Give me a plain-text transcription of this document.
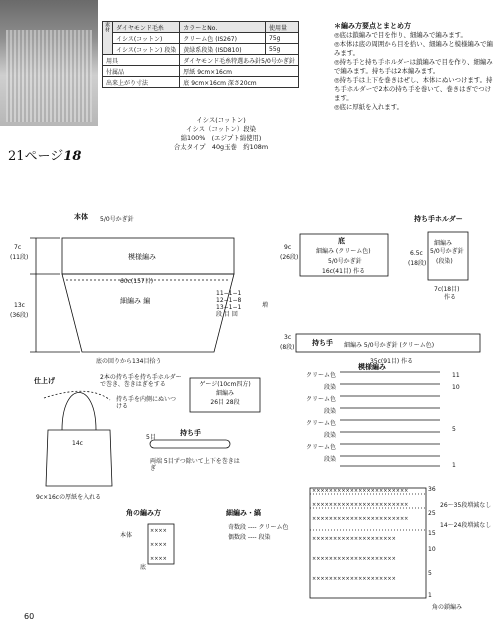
素材	ダイヤモンド毛糸	カラーとNo.	使用量
	イシス(コットン)	クリーム色 (IS267)	75g
	イシス(コットン) 段染	黄緑系段染 (ISD810)	55g
用具		ダイヤモンド毛糸特選あみ針5/0号かぎ針	
付属品		厚紙 9cm×16cm	
出来上がり寸法		底 9cm×16cm 深さ20cm	
＊編み方要点とまとめ方
◎底は鎖編みで目を作り、細編みで編みます。
◎本体は底の周囲から目を拾い、細編みと模様編みで編みます。
◎持ち手と持ち手ホルダーは鎖編みで目を作り、細編みで編みます。持ち手は2本編みます。
◎持ち手は上下を巻きはぜし、本体にぬいつけます。持ち手ホルダーで2本の持ち手を巻いて、巻きはぎでつけます。
◎底に厚紙を入れます。
21ページ18
イシス(コットン)
イシス（コットン）段染
綿100%　(エジプト綿使用)
合太タイプ　40g玉巻　約108m
×××××××××××××××××××××××
×××××××××××××××××××××××
×××××××××××××××××××××××
××××××××××××××××××××
××××××××××××××××××××
××××××××××××××××××××
××××
××××
××××
本体 5/0号かぎ針
模様編み
細編み 編
60c(157目)
7c
(11段)
13c
(36段)
11−1−1
12−1−8
13−1−1
段 目 回
増
底の回りから134目拾う
持ち手ホルダー
底
細編み (クリーム色)
5/0号かぎ針
16c(41目) 作る
9c
(26段)
細編み
5/0号かぎ針
(段染)
6.5c
(18段)
7c(18目)
作る
持ち手 細編み 5/0号かぎ針 (クリーム色)
3c
(8段)
35c(91目) 作る
仕上げ	2本の持ち手を持ち手ホルダーで巻き、巻きはぎをする
持ち手を内側にぬいつける
14c
9c×16cの厚紙を入れる
ゲージ(10cm四方)
細編み
26目 28段
持ち手
5目
両端 5目ずつ除いて上下を巻きはぎ
模様編み
クリーム色
段染
クリーム色
段染
クリーム色
段染
クリーム色
段染
11
10
5
1
角の編み方
本体
底
細編み・縞
奇数段 ---- クリーム色
偶数段 ---- 段染
26〜35段増減なし
14〜24段増減なし
36
25
15
10
5
1
角の鎖編み
60
